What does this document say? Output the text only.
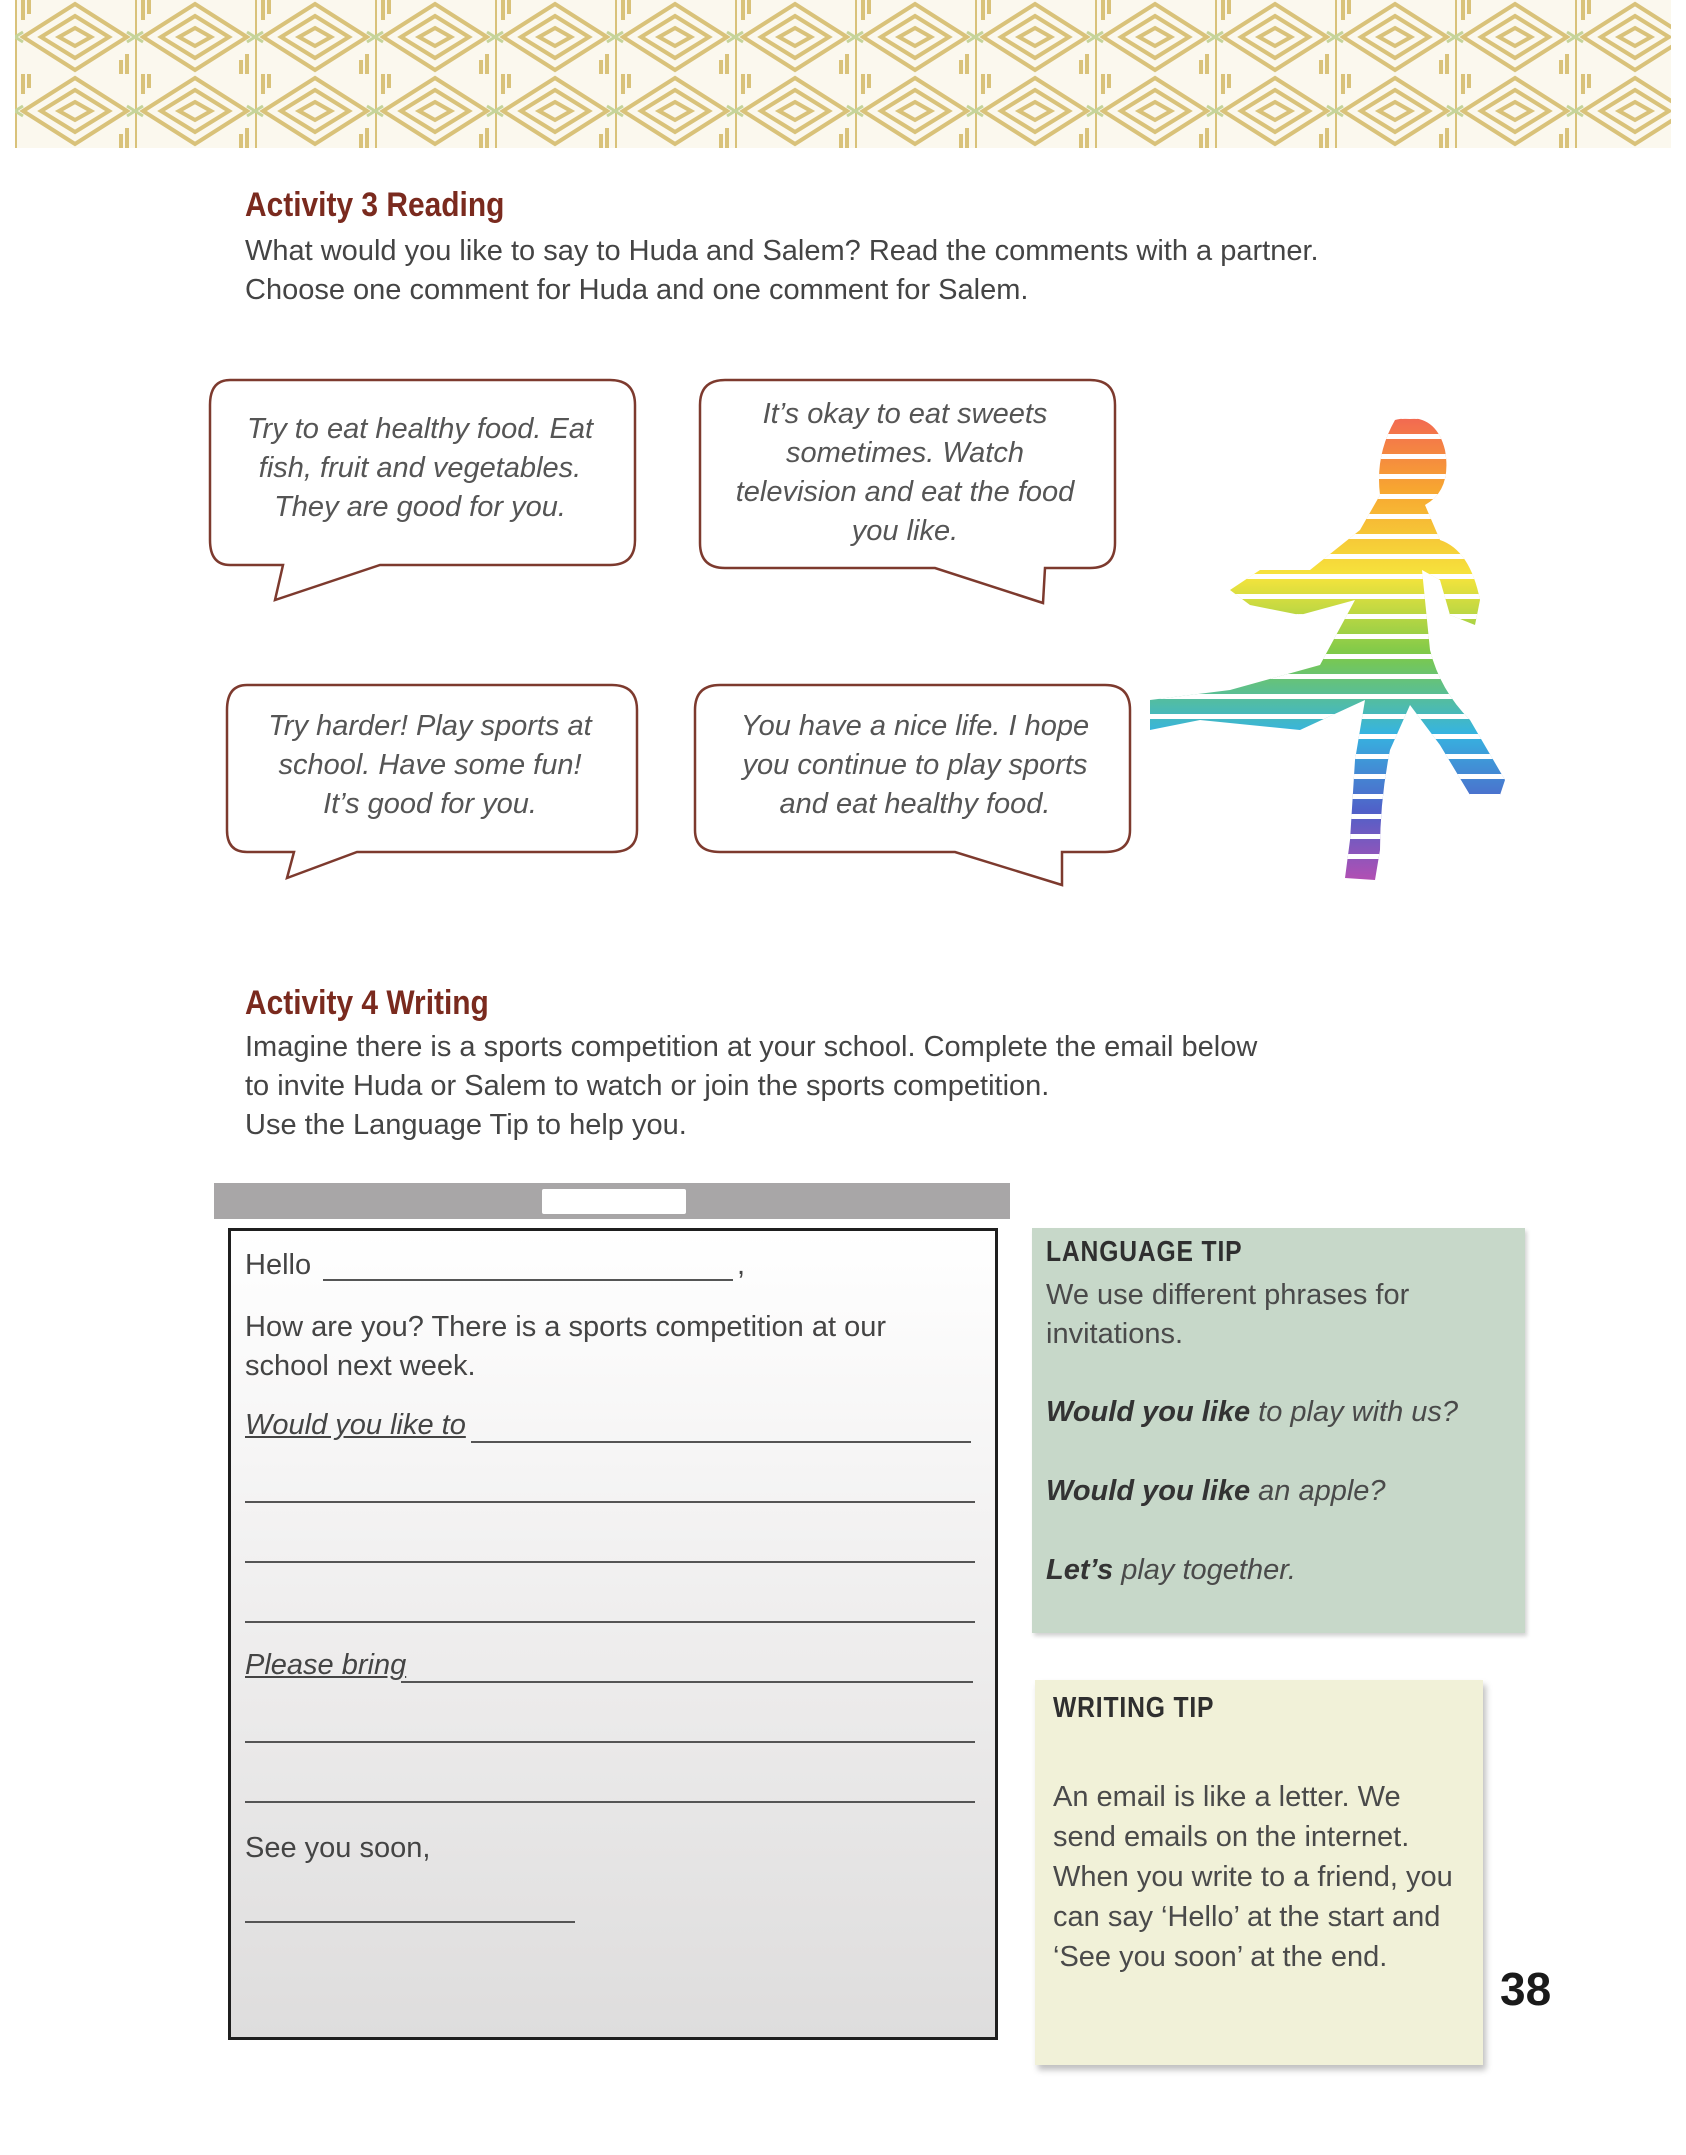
Activity 3 Reading

What would you like to say to Huda and Salem? Read the comments with a partner. Choose one comment for Huda and one comment for Salem.

Try to eat healthy food. Eat fish, fruit and vegetables. They are good for you.
It’s okay to eat sweets sometimes. Watch television and eat the food you like.
Try harder! Play sports at school. Have some fun! It’s good for you.
You have a nice life. I hope you continue to play sports and eat healthy food.
Activity 4 Writing

Imagine there is a sports competition at your school. Complete the email below
to invite Huda or Salem to watch or join the sports competition.
Use the Language Tip to help you.

Hello	,
How are you? There is a sports competition at our school next week.
Would you like to
Please bring
See you soon,
LANGUAGE TIP
We use different phrases for invitations.
Would you like to play with us?
Would you like an apple?
Let’s play together.
WRITING TIP
An email is like a letter. We send emails on the internet. When you write to a friend, you can say ‘Hello’ at the start and ‘See you soon’ at the end.
38
